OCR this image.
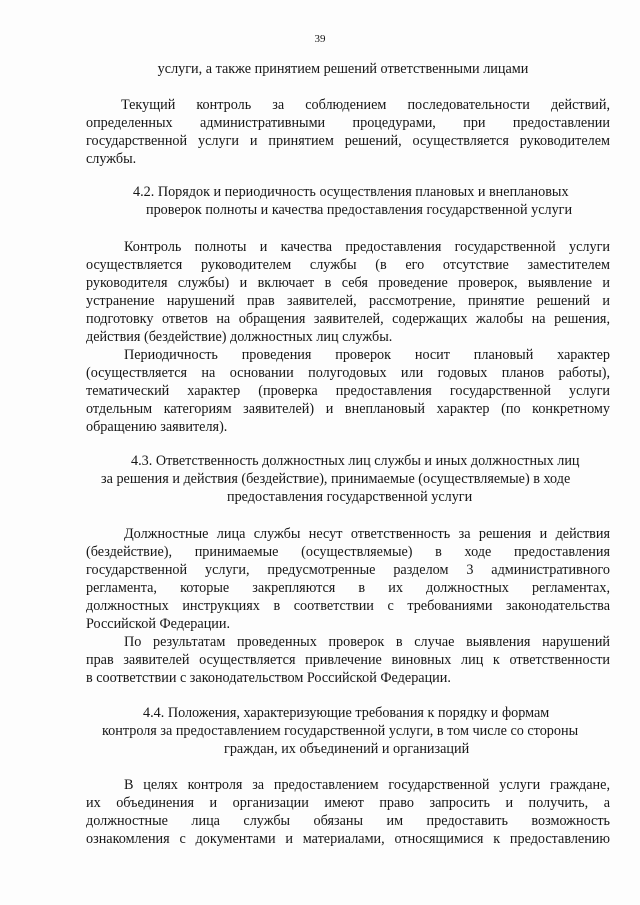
39
услуги, а также принятием решений ответственными лицами
Текущий контроль за соблюдением последовательности действий,
определенных административными процедурами, при предоставлении
государственной услуги и принятием решений, осуществляется руководителем
службы.
4.2. Порядок и периодичность осуществления плановых и внеплановых
проверок полноты и качества предоставления государственной услуги
Контроль полноты и качества предоставления государственной услуги
осуществляется руководителем службы (в его отсутствие заместителем
руководителя службы) и включает в себя проведение проверок, выявление и
устранение нарушений прав заявителей, рассмотрение, принятие решений и
подготовку ответов на обращения заявителей, содержащих жалобы на решения,
действия (бездействие) должностных лиц службы.
Периодичность проведения проверок носит плановый характер
(осуществляется на основании полугодовых или годовых планов работы),
тематический характер (проверка предоставления государственной услуги
отдельным категориям заявителей) и внеплановый характер (по конкретному
обращению заявителя).
4.3. Ответственность должностных лиц службы и иных должностных лиц
за решения и действия (бездействие), принимаемые (осуществляемые) в ходе
предоставления государственной услуги
Должностные лица службы несут ответственность за решения и действия
(бездействие), принимаемые (осуществляемые) в ходе предоставления
государственной услуги, предусмотренные разделом 3 административного
регламента, которые закрепляются в их должностных регламентах,
должностных инструкциях в соответствии с требованиями законодательства
Российской Федерации.
По результатам проведенных проверок в случае выявления нарушений
прав заявителей осуществляется привлечение виновных лиц к ответственности
в соответствии с законодательством Российской Федерации.
4.4. Положения, характеризующие требования к порядку и формам
контроля за предоставлением государственной услуги, в том числе со стороны
граждан, их объединений и организаций
В целях контроля за предоставлением государственной услуги граждане,
их объединения и организации имеют право запросить и получить, а
должностные лица службы обязаны им предоставить возможность
ознакомления с документами и материалами, относящимися к предоставлению
